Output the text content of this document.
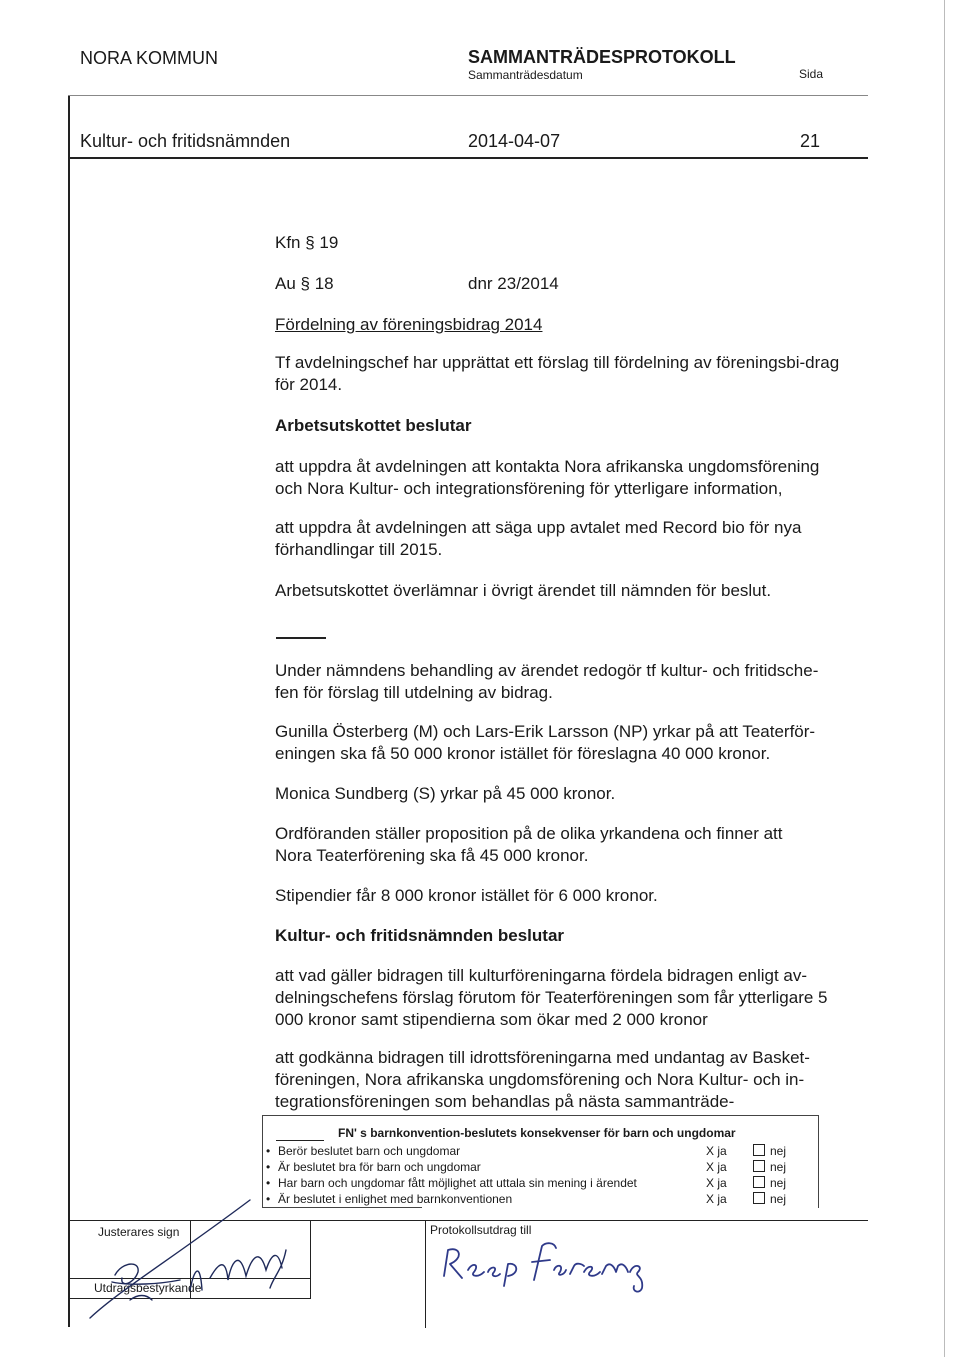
NORA KOMMUN	SAMMANTRÄDESPROTOKOLL
Sammanträdesdatum	Sida
Kultur- och fritidsnämnden	2014-04-07	21

Kfn § 19

Au § 18	dnr 23/2014

Fördelning av föreningsbidrag 2014

Tf avdelningschef har upprättat ett förslag till fördelning av föreningsbi-drag för 2014.

Arbetsutskottet beslutar

att uppdra åt avdelningen att kontakta Nora afrikanska ungdomsförening och Nora Kultur- och integrationsförening för ytterligare information,

att uppdra åt avdelningen att säga upp avtalet med Record bio för nya förhandlingar till 2015.

Arbetsutskottet överlämnar i övrigt ärendet till nämnden för beslut.

Under nämndens behandling av ärendet redogör tf kultur- och fritidsche-fen för förslag till utdelning av bidrag.

Gunilla Österberg (M) och Lars-Erik Larsson (NP) yrkar på att Teaterför-eningen ska få 50 000 kronor istället för föreslagna 40 000 kronor.

Monica Sundberg (S) yrkar på 45 000 kronor.

Ordföranden ställer proposition på de olika yrkandena och finner att Nora Teaterförening ska få 45 000 kronor.

Stipendier får 8 000 kronor istället för 6 000 kronor.

Kultur- och fritidsnämnden beslutar

att vad gäller bidragen till kulturföreningarna fördela bidragen enligt av-delningschefens förslag förutom för Teaterföreningen som får ytterligare 5 000 kronor samt stipendierna som ökar med 2 000 kronor

att godkänna bidragen till idrottsföreningarna med undantag av Basket-föreningen, Nora afrikanska ungdomsförening och Nora Kultur- och in-tegrationsföreningen som behandlas på nästa sammanträde-

FN' s barnkonvention-beslutets konsekvenser för barn och ungdomar
• Berör beslutet barn och ungdomar	X ja	nej
• Är beslutet bra för barn och ungdomar	X ja	nej
• Har barn och ungdomar fått möjlighet att uttala sin mening i ärendet	X ja	nej
• Är beslutet i enlighet med barnkonventionen	X ja	nej
Justerares sign
Utdragsbestyrkande
Protokollsutdrag till
